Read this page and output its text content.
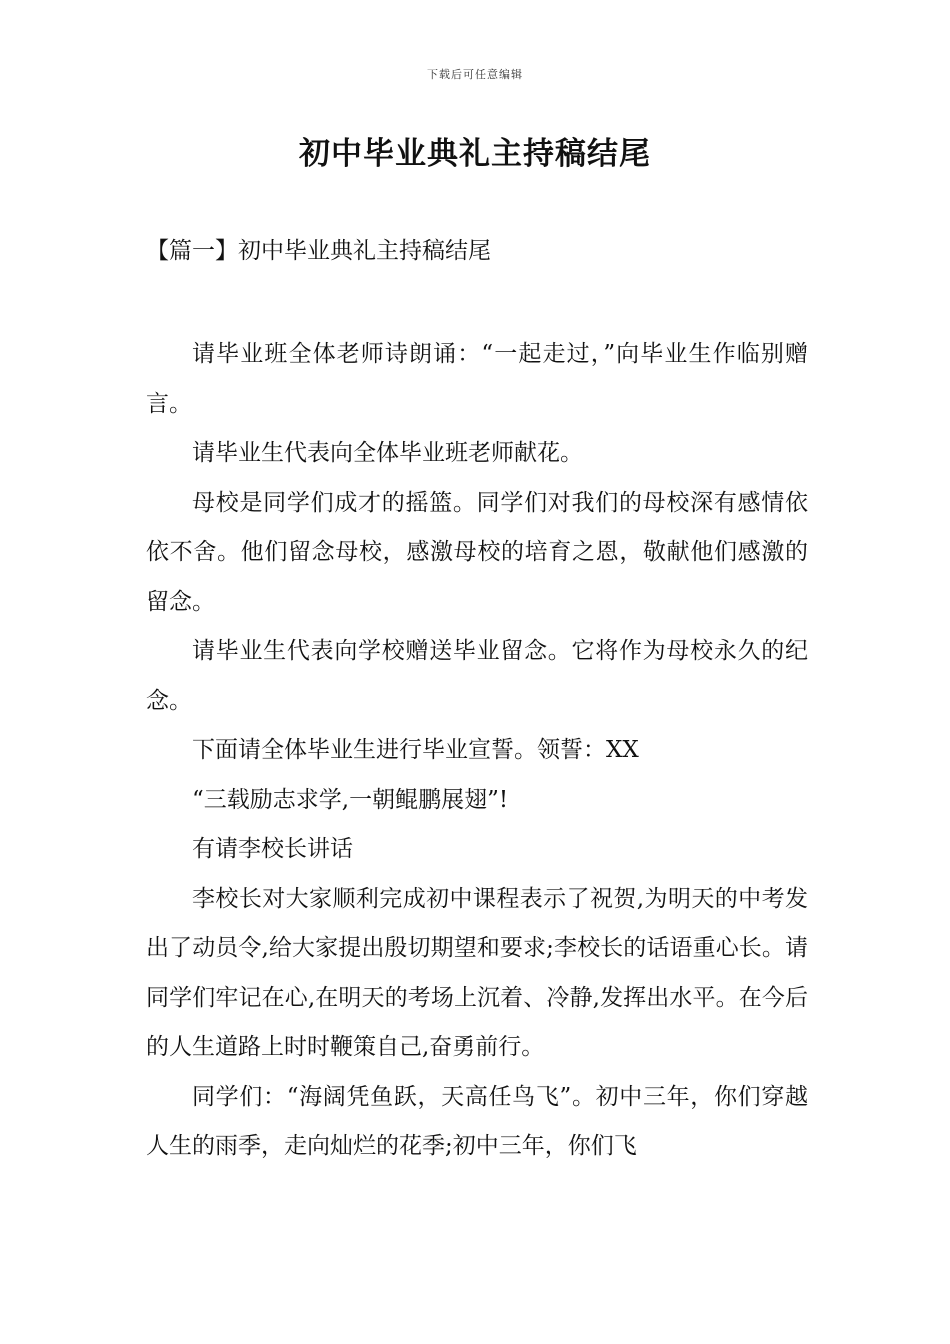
下载后可任意编辑
初中毕业典礼主持稿结尾
【篇一】初中毕业典礼主持稿结尾

请毕业班全体老师诗朗诵：“一起走过，”向毕业生作临别赠言。

请毕业生代表向全体毕业班老师献花。

母校是同学们成才的摇篮。同学们对我们的母校深有感情依依不舍。他们留念母校，感激母校的培育之恩，敬献他们感激的留念。

请毕业生代表向学校赠送毕业留念。它将作为母校永久的纪念。

下面请全体毕业生进行毕业宣誓。领誓：XX

“三载励志求学,一朝鲲鹏展翅”!

有请李校长讲话

李校长对大家顺利完成初中课程表示了祝贺,为明天的中考发出了动员令,给大家提出殷切期望和要求;李校长的话语重心长。请同学们牢记在心,在明天的考场上沉着、冷静,发挥出水平。在今后的人生道路上时时鞭策自己,奋勇前行。

同学们：“海阔凭鱼跃，天高任鸟飞”。初中三年，你们穿越人生的雨季，走向灿烂的花季;初中三年，你们飞
